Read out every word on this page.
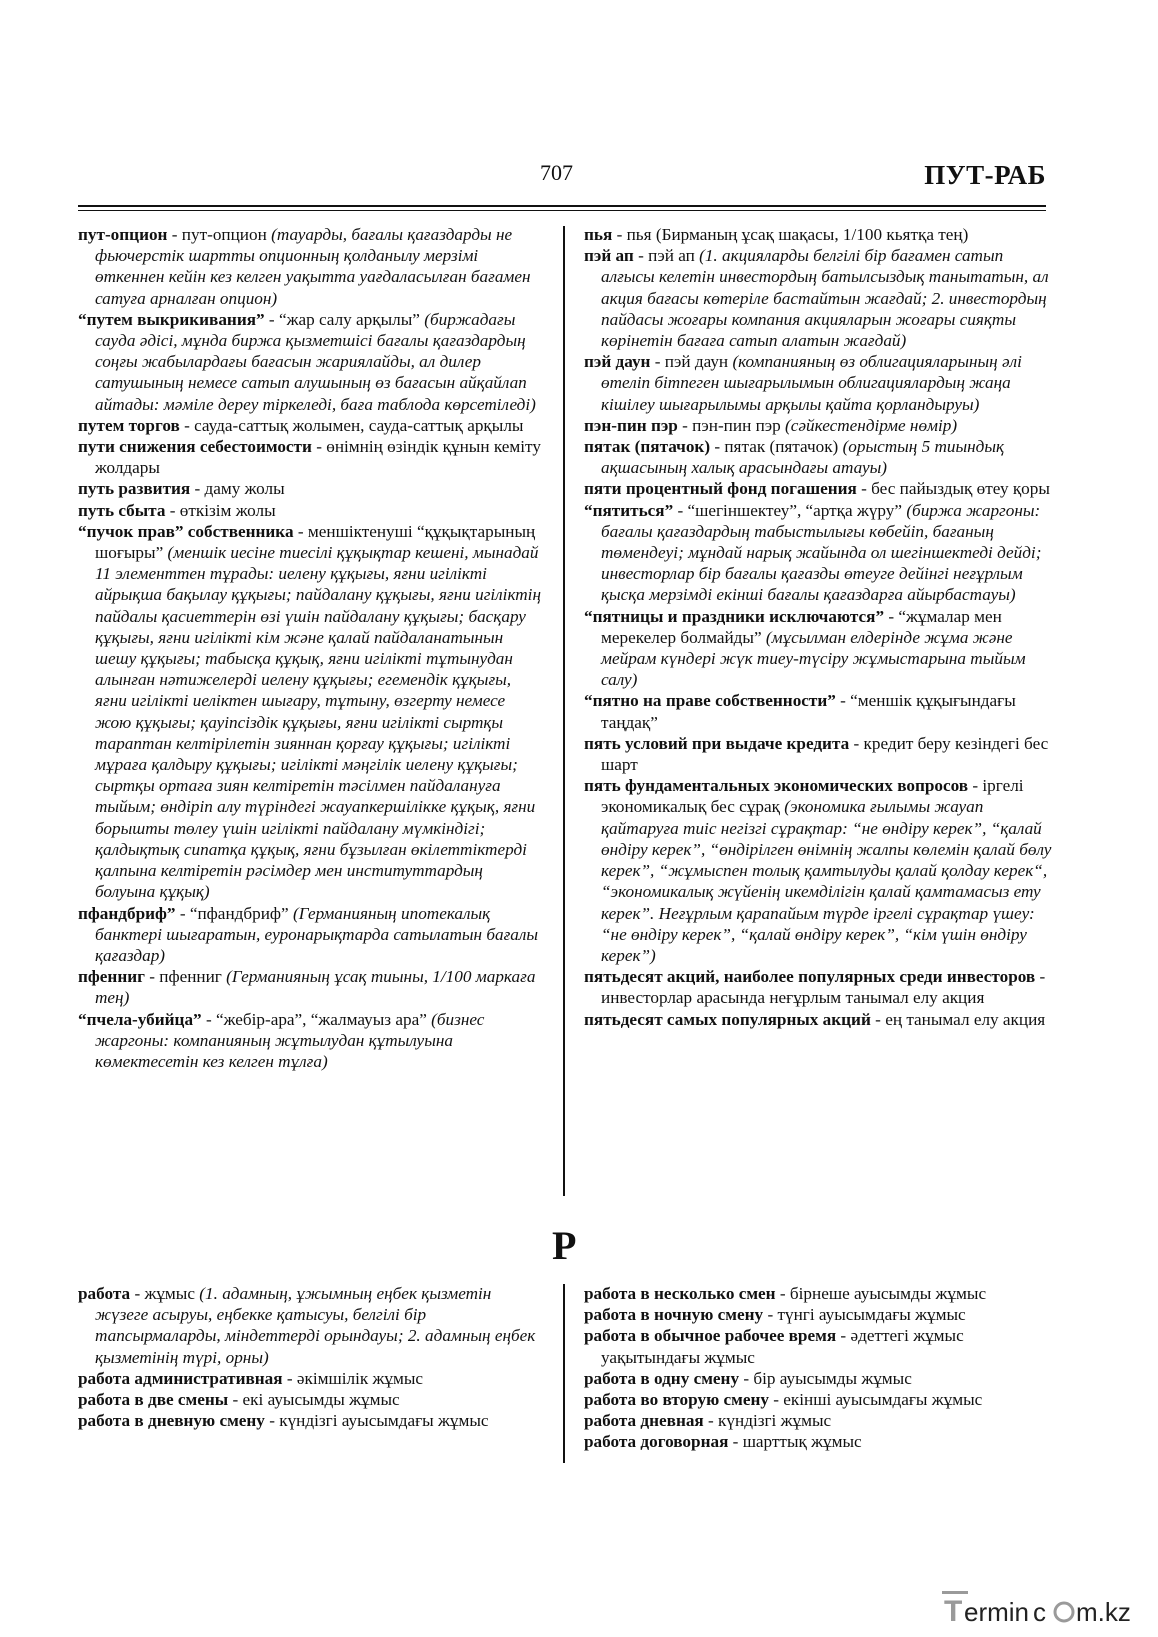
707	ПУТ-РАБ

пут-опцион - пут-опцион (тауарды, бағалы қағаздарды не фьючерстік шартты опционның қолданылу мерзімі өткеннен кейін кез келген уақытта уағдаласылған бағамен сатуға арналған опцион)

“путем выкрикивания” - “жар салу арқылы” (биржадағы сауда әдісі, мұнда биржа қызметшісі бағалы қағаздардың соңғы жабылардағы бағасын жариялайды, ал дилер сатушының немесе сатып алушының өз бағасын айқайлап айтады: мәміле дереу тіркеледі, баға таблода көрсетіледі)

путем торгов - сауда-саттық жолымен, сауда-саттық арқылы

пути снижения себестоимости - өнімнің өзіндік құнын кеміту жолдары

путь развития - даму жолы

путь сбыта - өткізім жолы

“пучок прав” собственника - меншіктенуші “құқықтарының шоғыры” (меншік иесіне тиесілі құқықтар кешені, мынадай 11 элементтен тұрады: иелену құқығы, яғни игілікті айрықша бақылау құқығы; пайдалану құқығы, яғни игіліктің пайдалы қасиеттерін өзі үшін пайдалану құқығы; басқару құқығы, яғни игілікті кім және қалай пайдаланатынын шешу құқығы; табысқа құқық, яғни игілікті тұтынудан алынған нәтижелерді иелену құқығы; егемендік құқығы, яғни игілікті иеліктен шығару, тұтыну, өзгерту немесе жою құқығы; қауіпсіздік құқығы, яғни игілікті сыртқы тараптан келтірілетін зияннан қорғау құқығы; игілікті мұраға қалдыру құқығы; игілікті мәңгілік иелену құқығы; сыртқы ортаға зиян келтіретін тәсілмен пайдалануға тыйым; өндіріп алу түріндегі жауапкершілікке құқық, яғни борышты төлеу үшін игілікті пайдалану мүмкіндігі; қалдықтық сипатқа құқық, яғни бұзылған өкілеттіктерді қалпына келтіретін рәсімдер мен институттардың болуына құқық)

пфандбриф” - “пфандбриф” (Германияның ипотекалық банктері шығаратын, еуронарықтарда сатылатын бағалы қағаздар)

пфенниг - пфенниг (Германияның ұсақ тиыны, 1/100 маркаға тең)

“пчела-убийца” - “жебір-ара”, “жалмауыз ара” (бизнес жаргоны: компанияның жұтылудан құтылуына көмектесетін кез келген тұлға)

пья - пья (Бирманың ұсақ шақасы, 1/100 кьятқа тең)

пэй ап - пэй ап (1. акцияларды белгілі бір бағамен сатып алғысы келетін инвестордың батылсыздық танытатын, ал акция бағасы көтеріле бастайтын жағдай; 2. инвестордың пайдасы жоғары компания акцияларын жоғары сияқты көрінетін бағаға сатып алатын жағдай)

пэй даун - пэй даун (компанияның өз облигацияларының әлі өтеліп бітпеген шығарылымын облигациялардың жаңа кішілеу шығарылымы арқылы қайта қорландыруы)

пэн-пин пэр - пэн-пин пэр (сәйкестендірме нөмір)

пятак (пятачок) - пятак (пятачок) (орыстың 5 тиындық ақшасының халық арасындағы атауы)

пяти процентный фонд погашения - бес пайыздық өтеу қоры

“пятиться” - “шегіншектеу”, “артқа жүру” (биржа жаргоны: бағалы қағаздардың табыстылығы көбейіп, бағаның төмендеуі; мұндай нарық жайында ол шегіншектеді дейді; инвесторлар бір бағалы қағазды өтеуге дейінгі неғұрлым қысқа мерзімді екінші бағалы қағаздарға айырбастауы)

“пятницы и праздники исключаются” - “жұмалар мен мерекелер болмайды” (мұсылман елдерінде жұма және мейрам күндері жүк тиеу-түсіру жұмыстарына тыйым салу)

“пятно на праве собственности” - “меншік құқығындағы таңдақ”

пять условий при выдаче кредита - кредит беру кезіндегі бес шарт

пять фундаментальных экономических вопросов - іргелі экономикалық бес сұрақ (экономика ғылымы жауап қайтаруға тиіс негізгі сұрақтар: “не өндіру керек”, “қалай өндіру керек”, “өндірілген өнімнің жалпы көлемін қалай бөлу керек”, “жұмыспен толық қамтылуды қалай қолдау керек“, “экономикалық жүйенің икемділігін қалай қамтамасыз ету керек”. Неғұрлым қарапайым түрде іргелі сұрақтар үшеу: “не өндіру керек”, “қалай өндіру керек”, “кім үшін өндіру керек”)

пятьдесят акций, наиболее популярных среди инвесторов - инвесторлар арасында неғұрлым танымал елу акция

пятьдесят самых популярных акций - ең танымал елу акция

Р

работа - жұмыс (1. адамның, ұжымның еңбек қызметін жүзеге асыруы, еңбекке қатысуы, белгілі бір тапсырмаларды, міндеттерді орындауы; 2. адамның еңбек қызметінің түрі, орны)

работа административная - әкімшілік жұмыс

работа в две смены - екі ауысымды жұмыс

работа в дневную смену - күндізгі ауысымдағы жұмыс

работа в несколько смен - бірнеше ауысымды жұмыс

работа в ночную смену - түнгі ауысымдағы жұмыс

работа в обычное рабочее время - әдеттегі жұмыс уақытындағы жұмыс

работа в одну смену - бір ауысымды жұмыс

работа во вторую смену - екінші ауысымдағы жұмыс

работа дневная - күндізгі жұмыс

работа договорная - шарттық жұмыс

T ermin c m.kz
